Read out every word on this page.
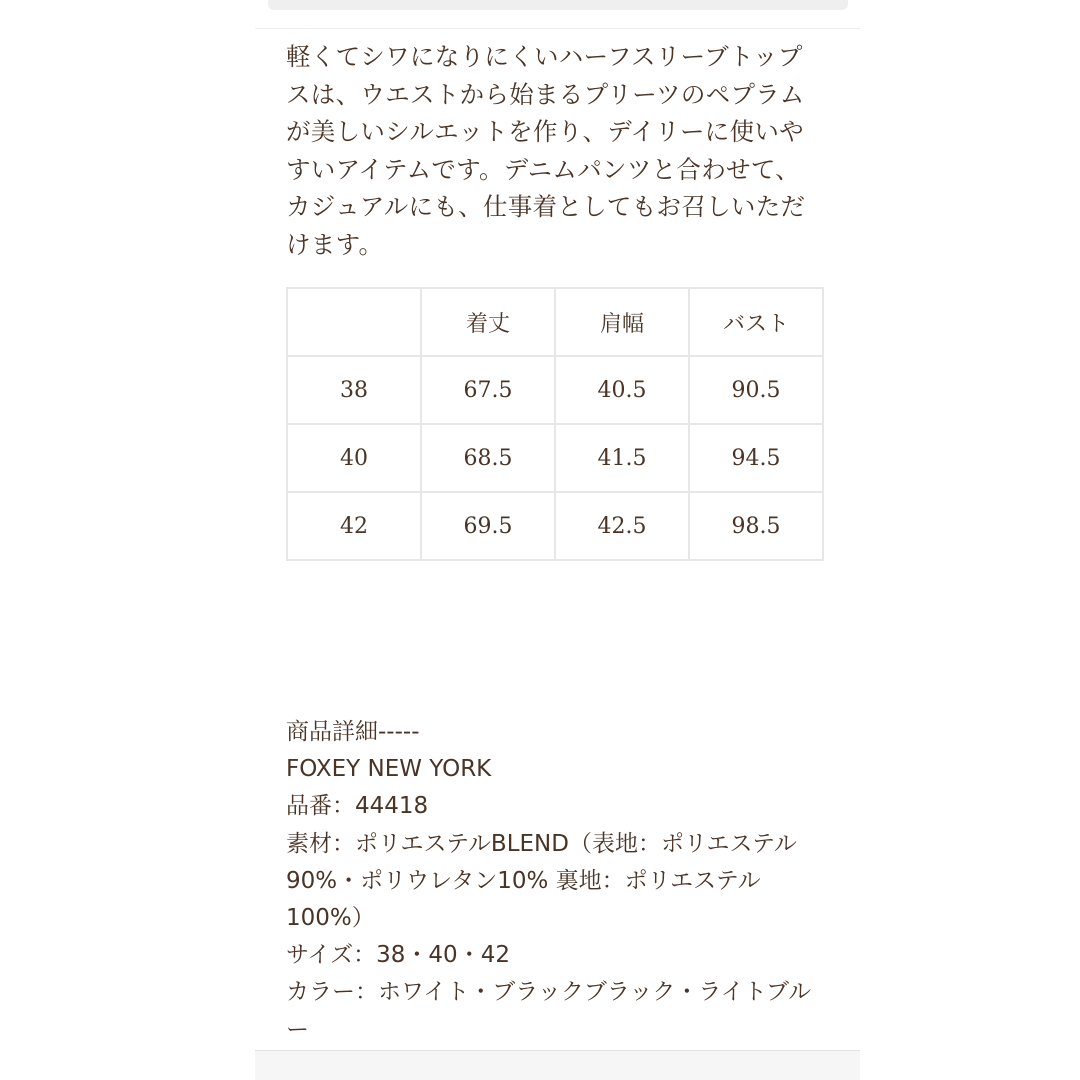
軽くてシワになりにくいハーフスリーブトップスは、ウエストから始まるプリーツのペプラムが美しいシルエットを作り、デイリーに使いやすいアイテムです。デニムパンツと合わせて、カジュアルにも、仕事着としてもお召しいただけます。

	着丈	肩幅	バスト
38	67.5	40.5	90.5
40	68.5	41.5	94.5
42	69.5	42.5	98.5
商品詳細-----
FOXEY NEW YORK
品番：44418
素材：ポリエステルBLEND（表地：ポリエステル90%・ポリウレタン10% 裏地：ポリエステル100%）
サイズ：38・40・42
カラー：ホワイト・ブラックブラック・ライトブルー
